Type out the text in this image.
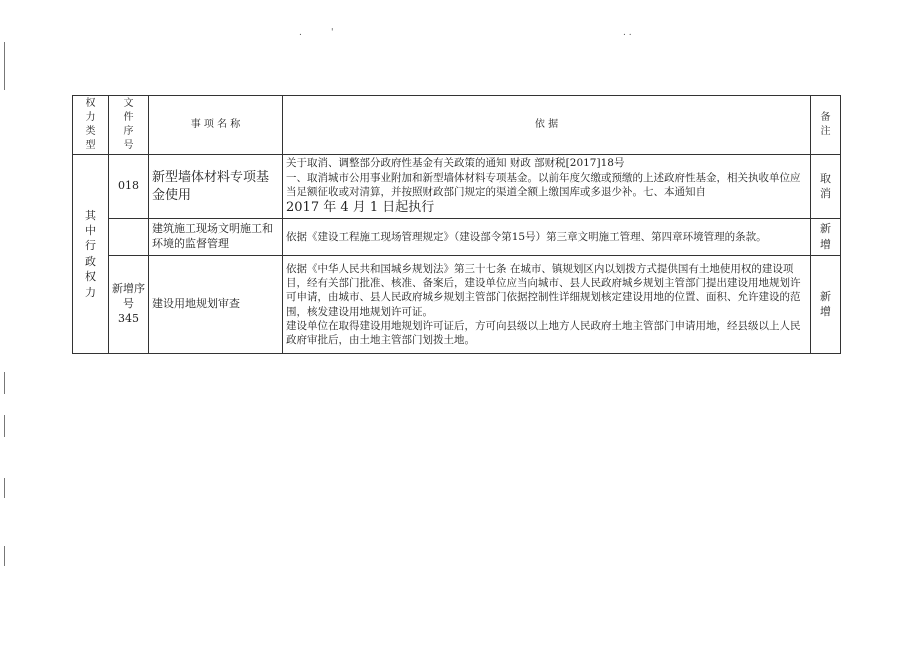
.	'	. .
权力类型	文件序号	事 项 名 称	依 据	备注
其中行政权力	018	新型墙体材料专项基金使用	关于取消、调整部分政府性基金有关政策的通知 财政 部财税[2017]18号

一、取消城市公用事业附加和新型墙体材料专项基金。以前年度欠缴或预缴的上述政府性基金，相关执收单位应当足额征收或对清算，并按照财政部门规定的渠道全额上缴国库或多退少补。七、本通知自

2017 年 4 月 1 日起执行	取消
		建筑施工现场文明施工和环境的监督管理	依据《建设工程施工现场管理规定》（建设部令第15号）第三章文明施工管理、第四章环境管理的条款。	新增
	新增序号 345	建设用地规划审查	依据《中华人民共和国城乡规划法》第三十七条 在城市、镇规划区内以划拨方式提供国有土地使用权的建设项目，经有关部门批准、核准、备案后，建设单位应当向城市、县人民政府城乡规划主管部门提出建设用地规划许可申请，由城市、县人民政府城乡规划主管部门依据控制性详细规划核定建设用地的位置、面积、允许建设的范围，核发建设用地规划许可证。

建设单位在取得建设用地规划许可证后，方可向县级以上地方人民政府土地主管部门申请用地，经县级以上人民政府审批后，由土地主管部门划拨土地。	新增
